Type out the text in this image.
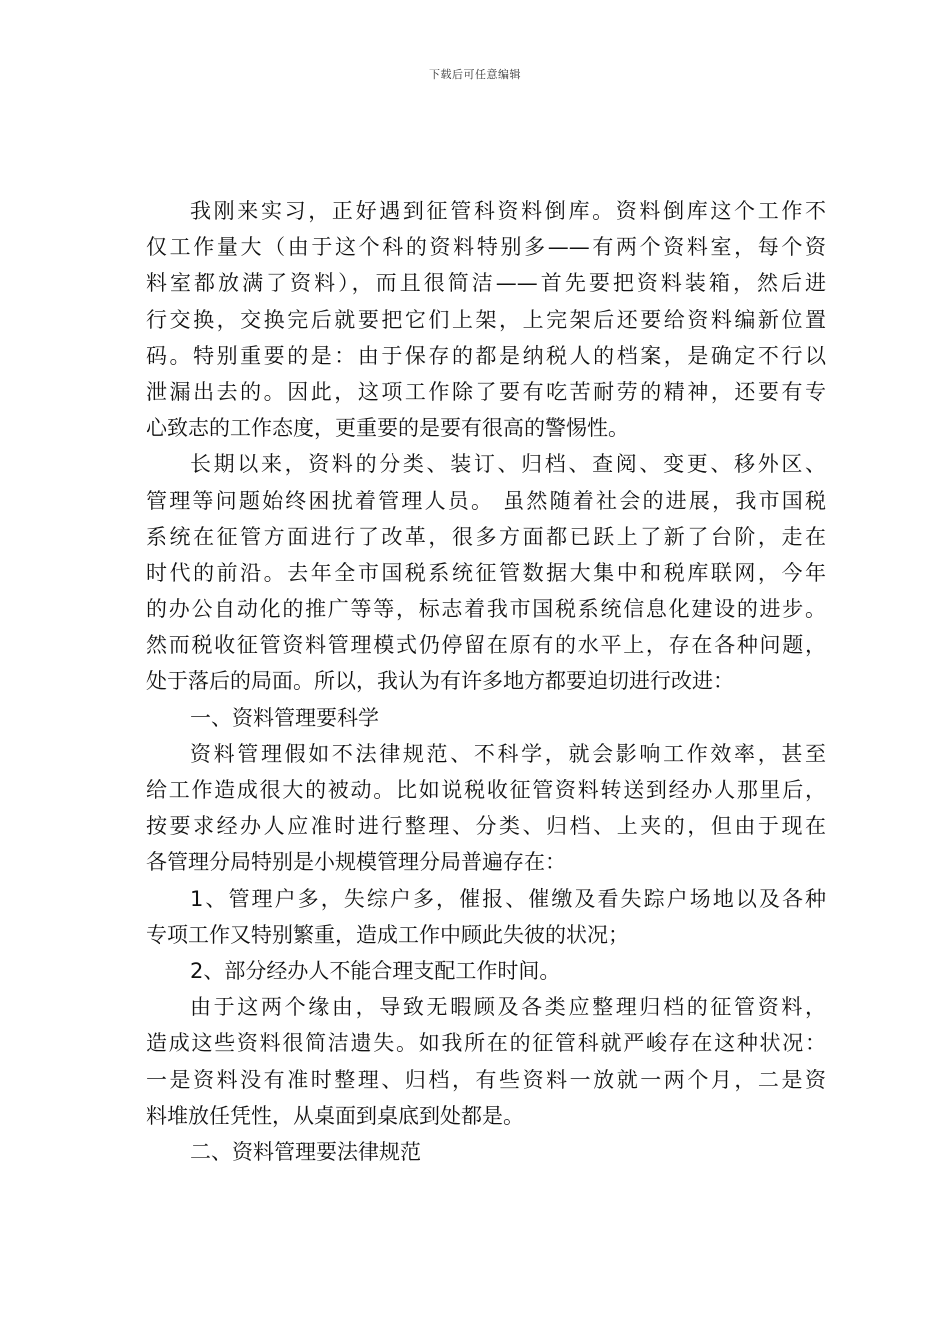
下载后可任意编辑
我刚来实习，正好遇到征管科资料倒库。资料倒库这个工作不
仅工作量大（由于这个科的资料特别多——有两个资料室，每个资
料室都放满了资料），而且很简洁——首先要把资料装箱，然后进
行交换，交换完后就要把它们上架，上完架后还要给资料编新位置
码。特别重要的是：由于保存的都是纳税人的档案，是确定不行以
泄漏出去的。因此，这项工作除了要有吃苦耐劳的精神，还要有专
心致志的工作态度，更重要的是要有很高的警惕性。
长期以来，资料的分类、装订、归档、查阅、变更、移外区、
管理等问题始终困扰着管理人员。 虽然随着社会的进展，我市国税
系统在征管方面进行了改革，很多方面都已跃上了新了台阶，走在
时代的前沿。去年全市国税系统征管数据大集中和税库联网，今年
的办公自动化的推广等等，标志着我市国税系统信息化建设的进步。
然而税收征管资料管理模式仍停留在原有的水平上，存在各种问题，
处于落后的局面。所以，我认为有许多地方都要迫切进行改进：
一、资料管理要科学
资料管理假如不法律规范、不科学，就会影响工作效率，甚至
给工作造成很大的被动。比如说税收征管资料转送到经办人那里后，
按要求经办人应准时进行整理、分类、归档、上夹的，但由于现在
各管理分局特别是小规模管理分局普遍存在：
1、管理户多，失综户多，催报、催缴及看失踪户场地以及各种
专项工作又特别繁重，造成工作中顾此失彼的状况；
2、部分经办人不能合理支配工作时间。
由于这两个缘由，导致无暇顾及各类应整理归档的征管资料，
造成这些资料很简洁遗失。如我所在的征管科就严峻存在这种状况：
一是资料没有准时整理、归档，有些资料一放就一两个月，二是资
料堆放任凭性，从桌面到桌底到处都是。
二、资料管理要法律规范
